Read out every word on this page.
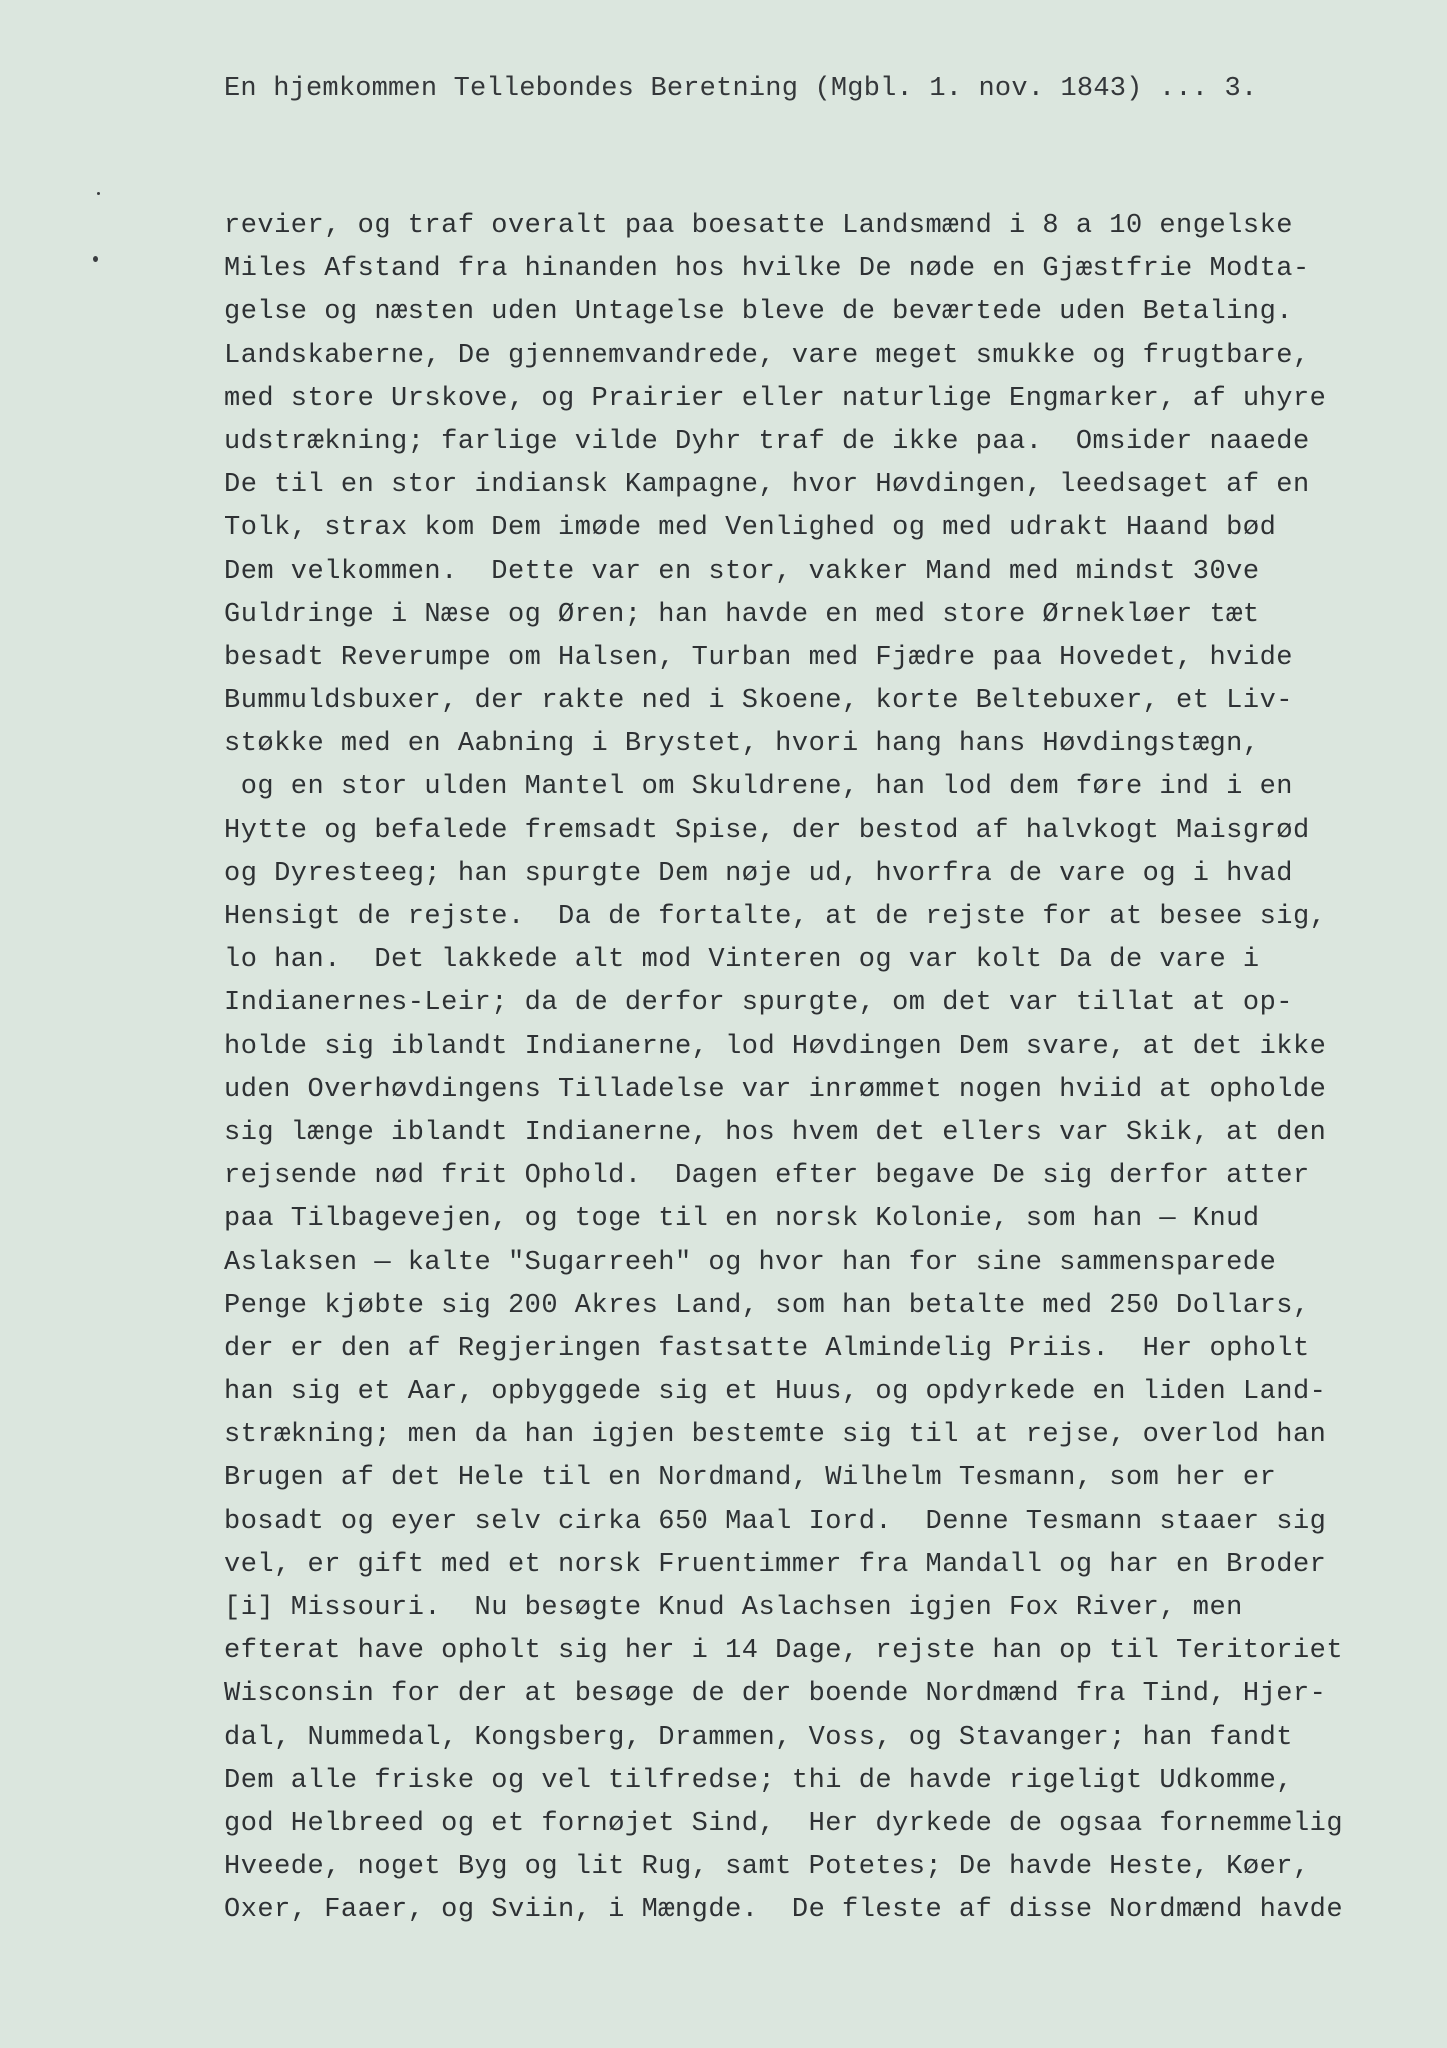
En hjemkommen Tellebondes Beretning (Mgbl. 1. nov. 1843) ... 3.
revier, og traf overalt paa boesatte Landsmænd i 8 a 10 engelske
Miles Afstand fra hinanden hos hvilke De nøde en Gjæstfrie Modta-
gelse og næsten uden Untagelse bleve de beværtede uden Betaling.
Landskaberne, De gjennemvandrede, vare meget smukke og frugtbare,
med store Urskove, og Prairier eller naturlige Engmarker, af uhyre
udstrækning; farlige vilde Dyhr traf de ikke paa.  Omsider naaede
De til en stor indiansk Kampagne, hvor Høvdingen, leedsaget af en
Tolk, strax kom Dem imøde med Venlighed og med udrakt Haand bød
Dem velkommen.  Dette var en stor, vakker Mand med mindst 30ve
Guldringe i Næse og Øren; han havde en med store Ørnekløer tæt
besadt Reverumpe om Halsen, Turban med Fjædre paa Hovedet, hvide
Bummuldsbuxer, der rakte ned i Skoene, korte Beltebuxer, et Liv-
støkke med en Aabning i Brystet, hvori hang hans Høvdingstægn,
og en stor ulden Mantel om Skuldrene, han lod dem føre ind i en
Hytte og befalede fremsadt Spise, der bestod af halvkogt Maisgrød
og Dyresteeg; han spurgte Dem nøje ud, hvorfra de vare og i hvad
Hensigt de rejste.  Da de fortalte, at de rejste for at besee sig,
lo han.  Det lakkede alt mod Vinteren og var kolt Da de vare i
Indianernes-Leir; da de derfor spurgte, om det var tillat at op-
holde sig iblandt Indianerne, lod Høvdingen Dem svare, at det ikke
uden Overhøvdingens Tilladelse var inrømmet nogen hviid at opholde
sig længe iblandt Indianerne, hos hvem det ellers var Skik, at den
rejsende nød frit Ophold.  Dagen efter begave De sig derfor atter
paa Tilbagevejen, og toge til en norsk Kolonie, som han — Knud
Aslaksen — kalte "Sugarreeh" og hvor han for sine sammensparede
Penge kjøbte sig 200 Akres Land, som han betalte med 250 Dollars,
der er den af Regjeringen fastsatte Almindelig Priis.  Her opholt
han sig et Aar, opbyggede sig et Huus, og opdyrkede en liden Land-
strækning; men da han igjen bestemte sig til at rejse, overlod han
Brugen af det Hele til en Nordmand, Wilhelm Tesmann, som her er
bosadt og eyer selv cirka 650 Maal Iord.  Denne Tesmann staaer sig
vel, er gift med et norsk Fruentimmer fra Mandall og har en Broder
[i] Missouri.  Nu besøgte Knud Aslachsen igjen Fox River, men
efterat have opholt sig her i 14 Dage, rejste han op til Teritoriet
Wisconsin for der at besøge de der boende Nordmænd fra Tind, Hjer-
dal, Nummedal, Kongsberg, Drammen, Voss, og Stavanger; han fandt
Dem alle friske og vel tilfredse; thi de havde rigeligt Udkomme,
god Helbreed og et fornøjet Sind,  Her dyrkede de ogsaa fornemmelig
Hveede, noget Byg og lit Rug, samt Potetes; De havde Heste, Køer,
Oxer, Faaer, og Sviin, i Mængde.  De fleste af disse Nordmænd havde
